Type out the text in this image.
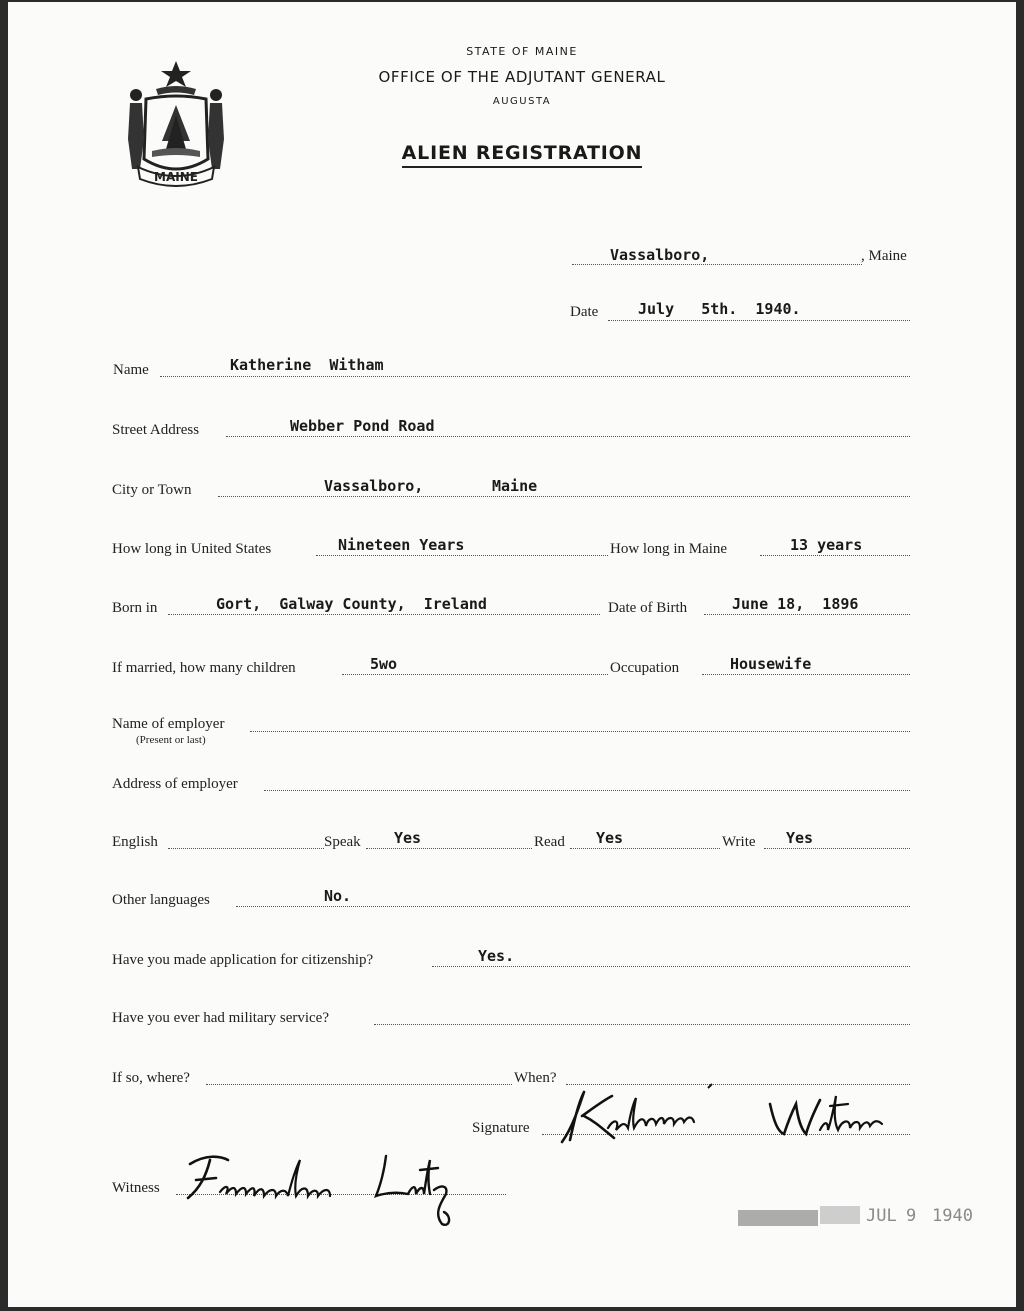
MAINE
STATE OF MAINE
OFFICE OF THE ADJUTANT GENERAL
AUGUSTA
ALIEN REGISTRATION
Vassalboro,	, Maine
Date	July   5th.  1940.
Name	Katherine  Witham
Street Address	Webber Pond Road
City or Town	Vassalboro,	Maine
How long in United States	Nineteen Years	How long in Maine	13 years
Born in	Gort,  Galway County,  Ireland	Date of Birth	June 18,  1896
If married, how many children	5wo	Occupation	Housewife
Name of employer
(Present or last)
Address of employer
English	Speak Yes	Read Yes	Write Yes
Other languages	No.
Have you made application for citizenship?	Yes.
Have you ever had military service?
If so, where?	When?
Signature
Witness
JUL 9 1940
